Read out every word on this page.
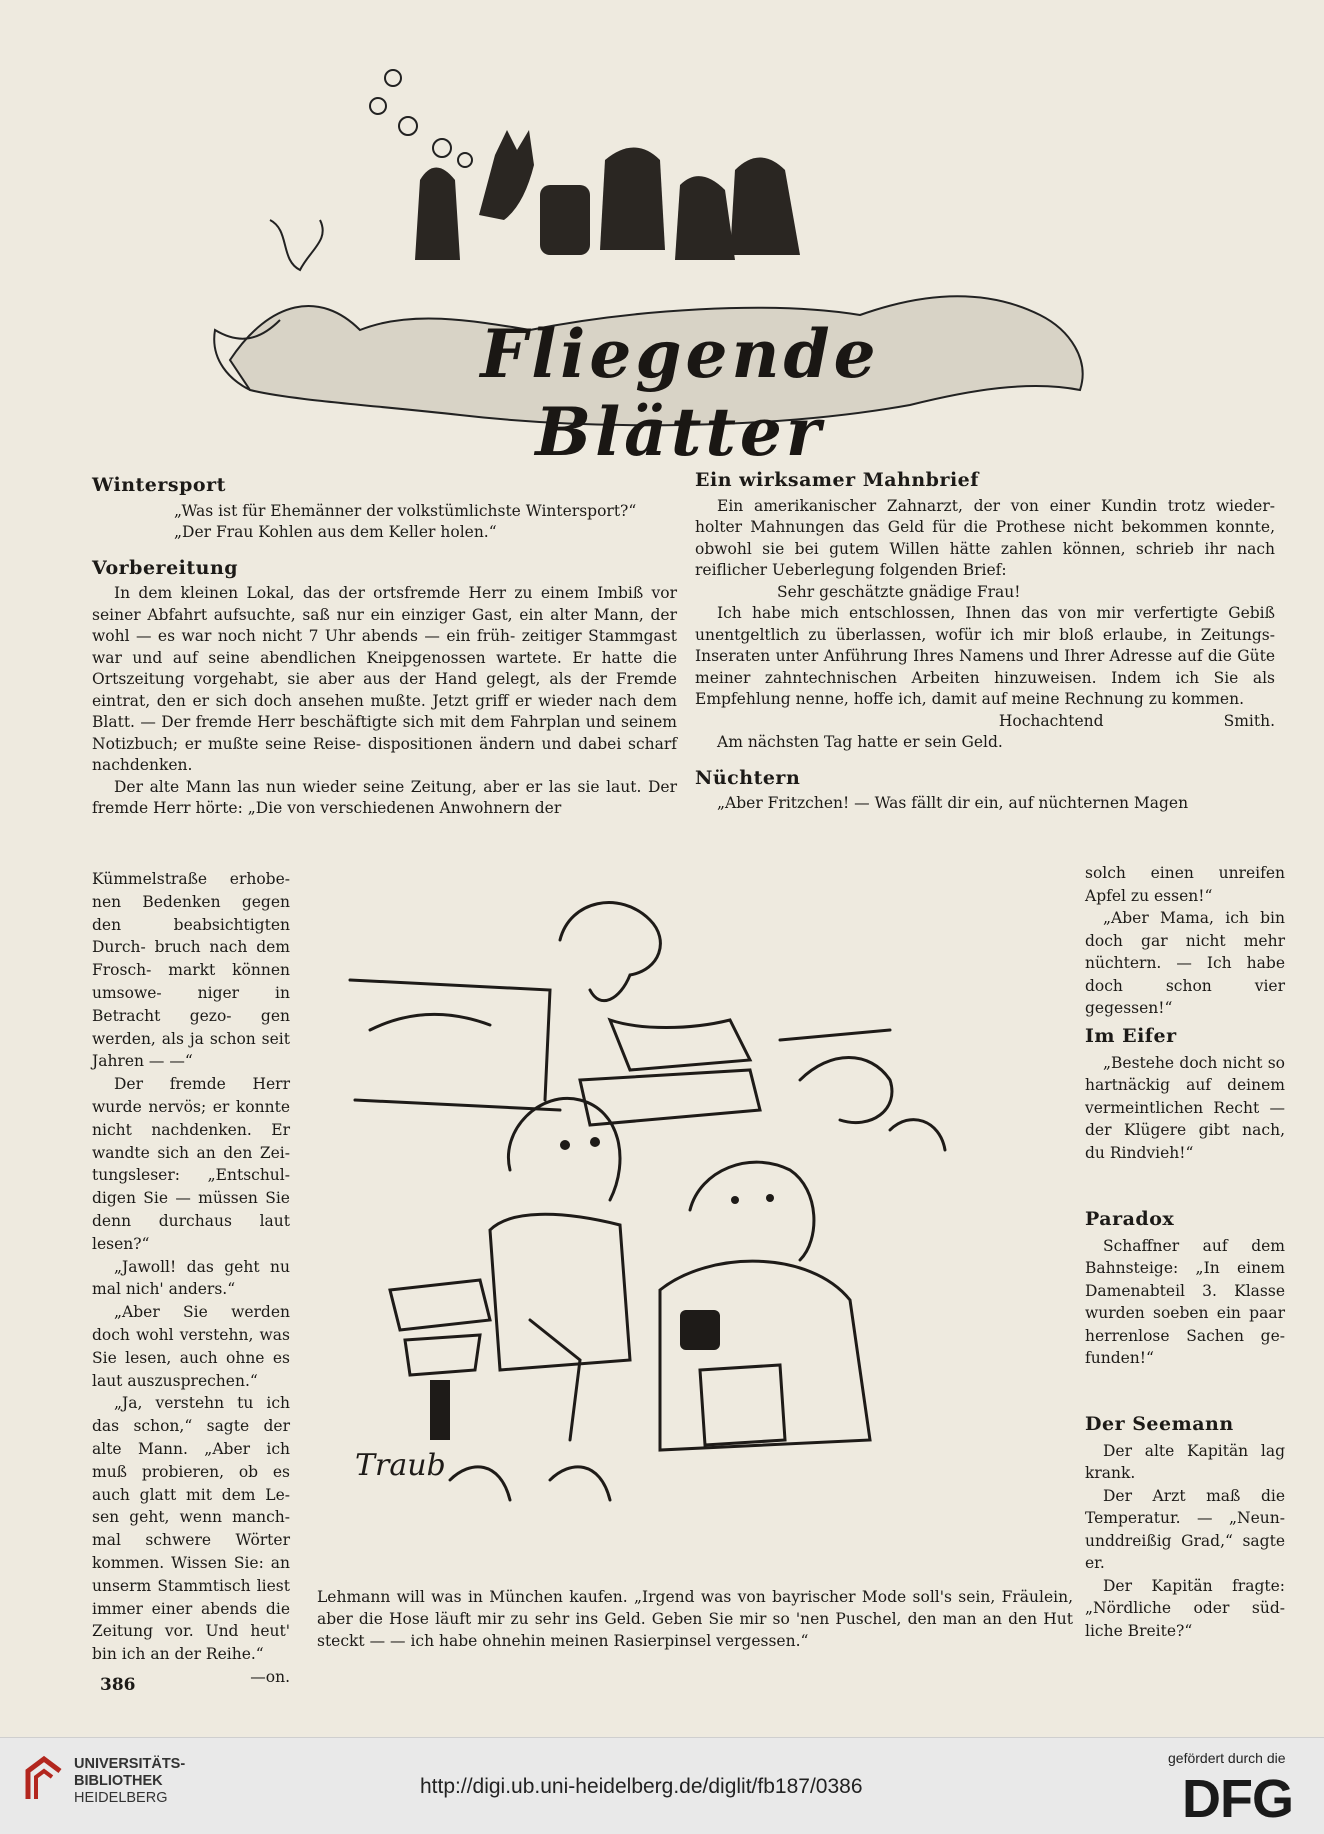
Fliegende Blätter
Wintersport

„Was ist für Ehemänner der volkstümlichste Wintersport?“

„Der Frau Kohlen aus dem Keller holen.“

Vorbereitung

In dem kleinen Lokal, das der ortsfremde Herr zu einem Imbiß vor seiner Abfahrt aufsuchte, saß nur ein einziger Gast, ein alter Mann, der wohl — es war noch nicht 7 Uhr abends — ein früh- zeitiger Stammgast war und auf seine abendlichen Kneipgenossen wartete. Er hatte die Ortszeitung vorgehabt, sie aber aus der Hand gelegt, als der Fremde eintrat, den er sich doch ansehen mußte. Jetzt griff er wieder nach dem Blatt. — Der fremde Herr beschäftigte sich mit dem Fahrplan und seinem Notizbuch; er mußte seine Reise- dispositionen ändern und dabei scharf nachdenken.

Der alte Mann las nun wieder seine Zeitung, aber er las sie laut. Der fremde Herr hörte: „Die von verschiedenen Anwohnern der

Kümmelstraße erhobe- nen Bedenken gegen den beabsichtigten Durch- bruch nach dem Frosch- markt können umsowe- niger in Betracht gezo- gen werden, als ja schon seit Jahren — —“

Der fremde Herr wurde nervös; er konnte nicht nachdenken. Er wandte sich an den Zei- tungsleser: „Entschul- digen Sie — müssen Sie denn durchaus laut lesen?“

„Jawoll! das geht nu mal nich' anders.“

„Aber Sie werden doch wohl verstehn, was Sie lesen, auch ohne es laut auszusprechen.“

„Ja, verstehn tu ich das schon,“ sagte der alte Mann. „Aber ich muß probieren, ob es auch glatt mit dem Le- sen geht, wenn manch- mal schwere Wörter kommen. Wissen Sie: an unserm Stammtisch liest immer einer abends die Zeitung vor. Und heut' bin ich an der Reihe.“

—on.
Ein wirksamer Mahnbrief

Ein amerikanischer Zahnarzt, der von einer Kundin trotz wieder- holter Mahnungen das Geld für die Prothese nicht bekommen konnte, obwohl sie bei gutem Willen hätte zahlen können, schrieb ihr nach reiflicher Ueberlegung folgenden Brief:

Sehr geschätzte gnädige Frau!

Ich habe mich entschlossen, Ihnen das von mir verfertigte Gebiß unentgeltlich zu überlassen, wofür ich mir bloß erlaube, in Zeitungs- Inseraten unter Anführung Ihres Namens und Ihrer Adresse auf die Güte meiner zahntechnischen Arbeiten hinzuweisen. Indem ich Sie als Empfehlung nenne, hoffe ich, damit auf meine Rechnung zu kommen.

Hochachtend	Smith.

Am nächsten Tag hatte er sein Geld.

Nüchtern

„Aber Fritzchen! — Was fällt dir ein, auf nüchternen Magen

solch einen unreifen Apfel zu essen!“

„Aber Mama, ich bin doch gar nicht mehr nüchtern. — Ich habe doch schon vier gegessen!“

Im Eifer

„Bestehe doch nicht so hartnäckig auf deinem vermeintlichen Recht — der Klügere gibt nach, du Rindvieh!“

Paradox

Schaffner auf dem Bahnsteige: „In einem Damenabteil 3. Klasse wurden soeben ein paar herrenlose Sachen ge- funden!“

Der Seemann

Der alte Kapitän lag krank.

Der Arzt maß die Temperatur. — „Neun- unddreißig Grad,“ sagte er.

Der Kapitän fragte: „Nördliche oder süd- liche Breite?“

Traub
Lehmann will was in München kaufen. „Irgend was von bayrischer Mode soll's sein, Fräulein, aber die Hose läuft mir zu sehr ins Geld. Geben Sie mir so 'nen Puschel, den man an den Hut steckt — — ich habe ohnehin meinen Rasierpinsel vergessen.“
386
UNIVERSITÄTS-
BIBLIOTHEK
HEIDELBERG	http://digi.ub.uni-heidelberg.de/diglit/fb187/0386
gefördert durch die
DFG
